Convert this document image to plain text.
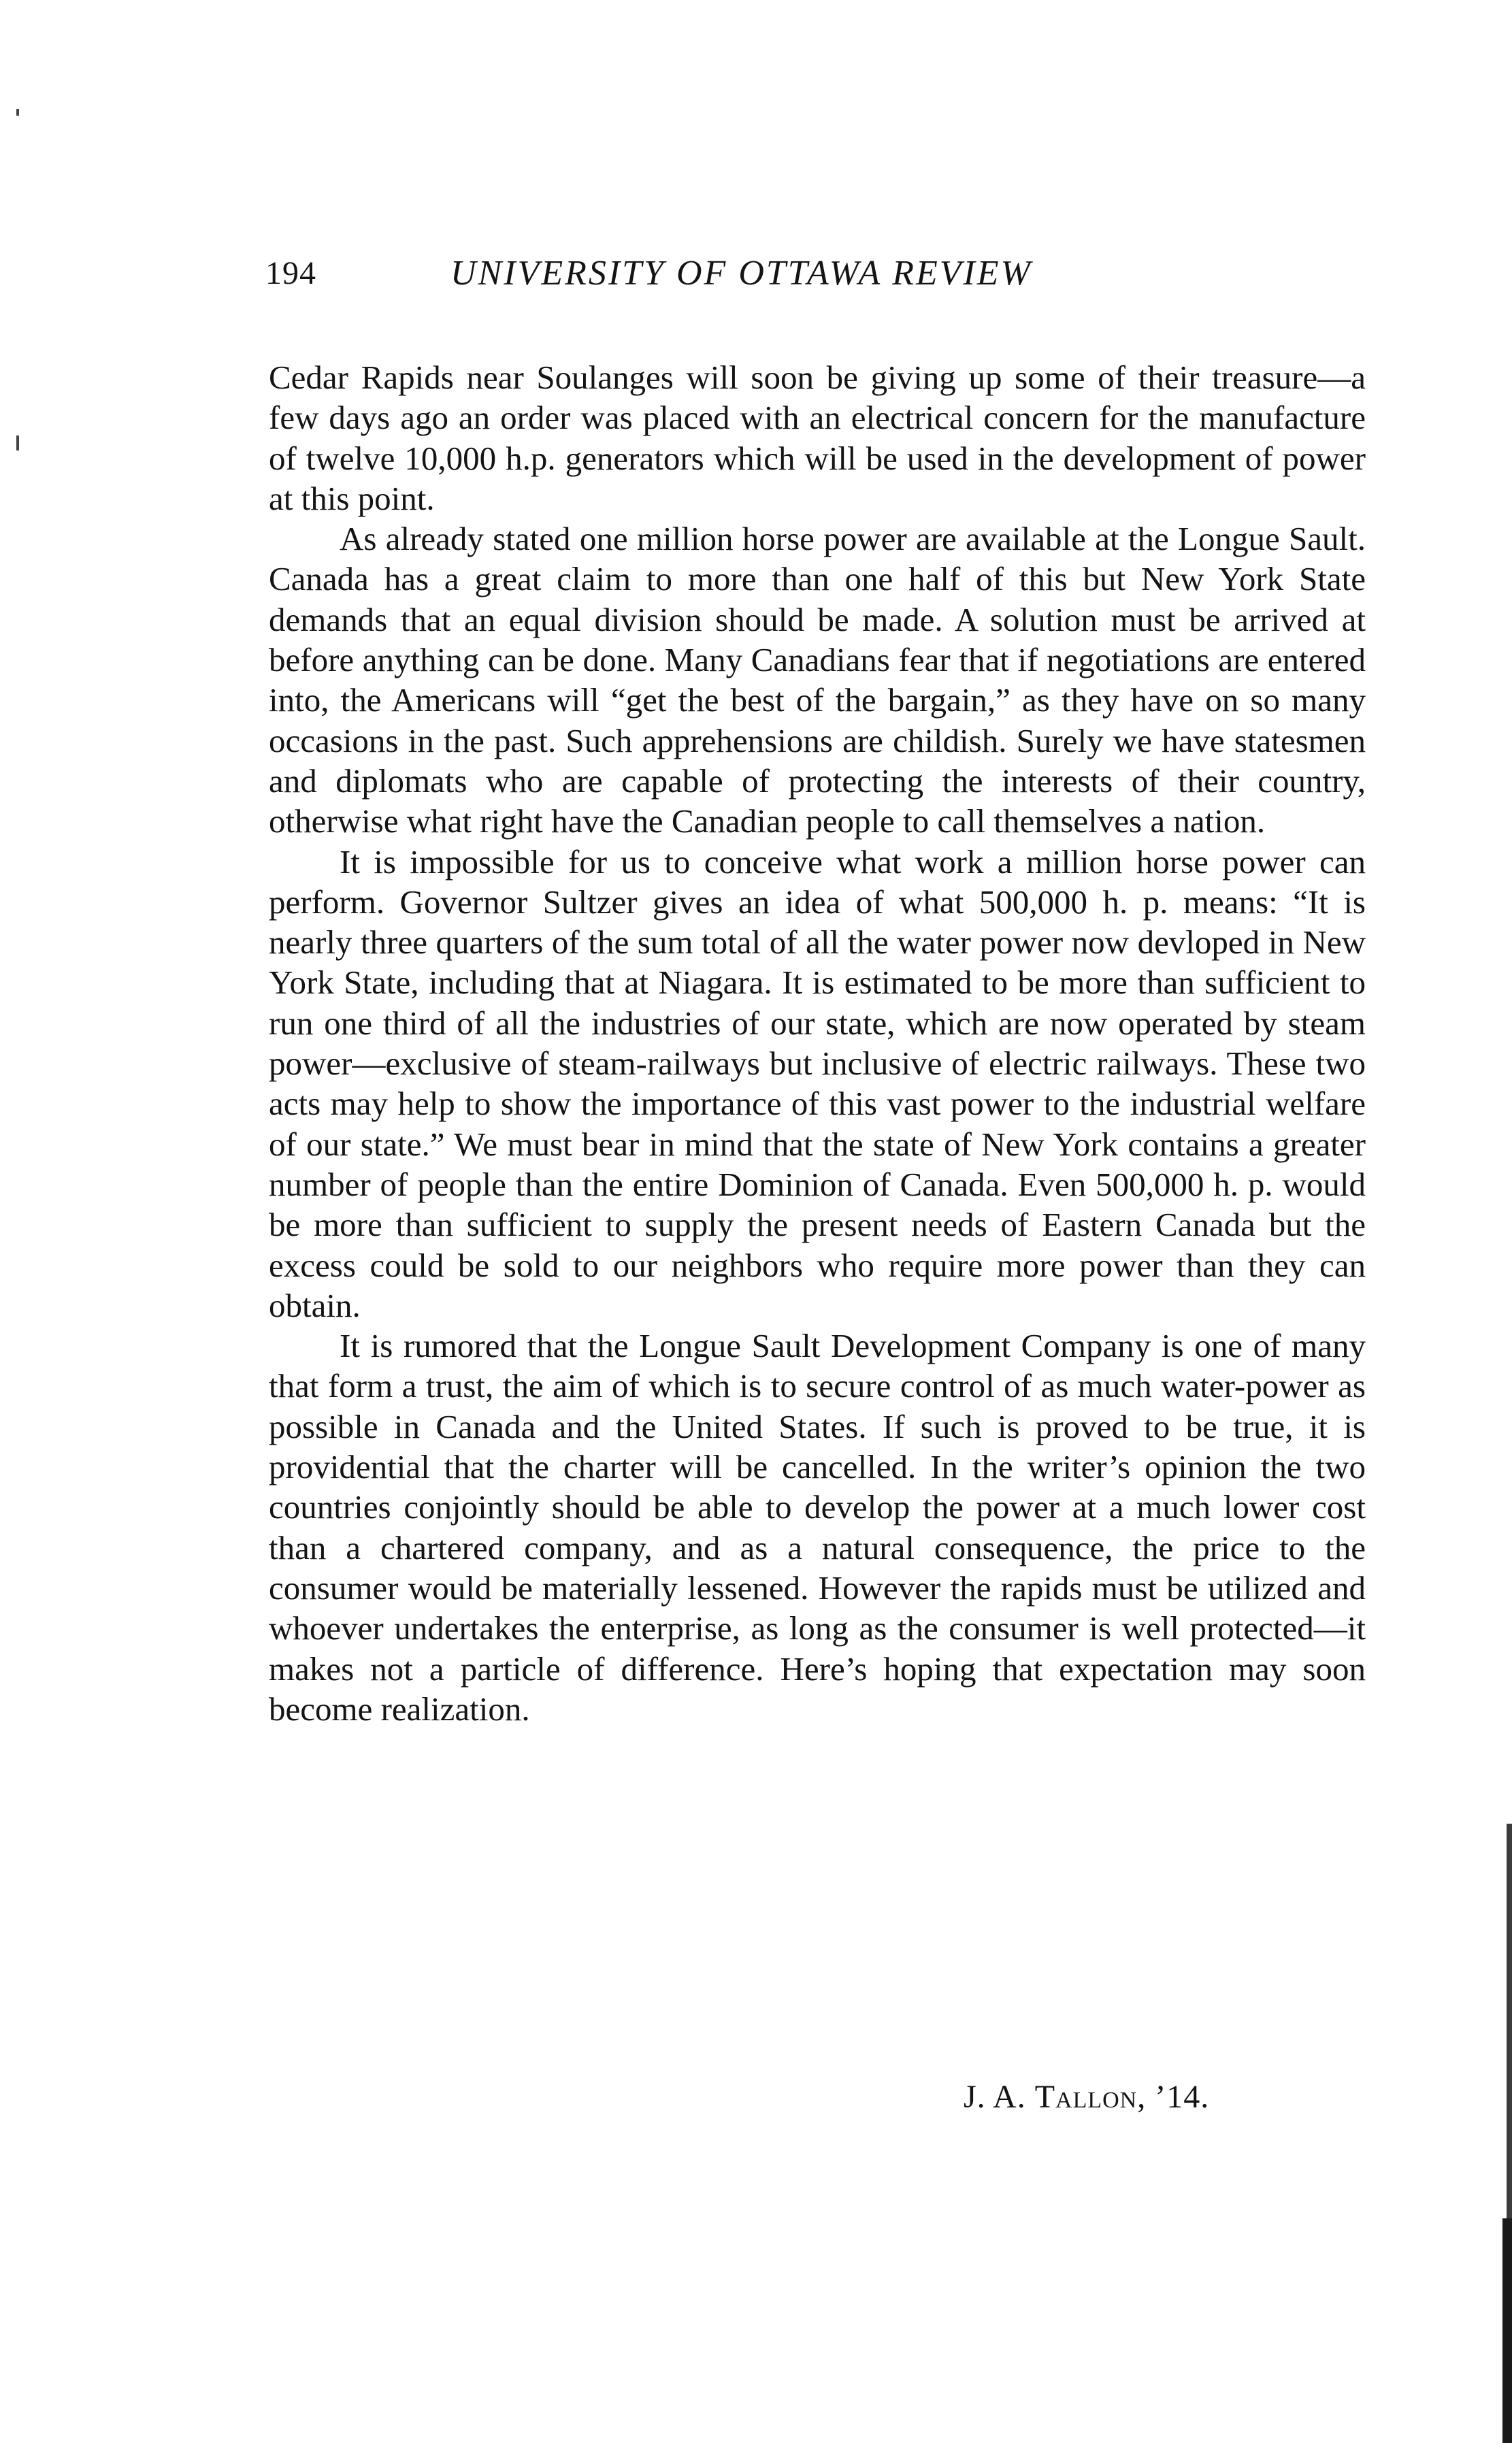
194	UNIVERSITY OF OTTAWA REVIEW

Cedar Rapids near Soulanges will soon be giving up some of their treasure—a few days ago an order was placed with an electrical concern for the manufacture of twelve 10,000 h.p. generators which will be used in the development of power at this point.

As already stated one million horse power are available at the Longue Sault. Canada has a great claim to more than one half of this but New York State demands that an equal division should be made. A solution must be arrived at before anything can be done. Many Canadians fear that if negotiations are entered into, the Americans will “get the best of the bargain,” as they have on so many occasions in the past. Such apprehensions are childish. Surely we have statesmen and diplomats who are capable of protecting the interests of their country, otherwise what right have the Canadian people to call themselves a nation.

It is impossible for us to conceive what work a million horse power can perform. Governor Sultzer gives an idea of what 500,000 h. p. means: “It is nearly three quarters of the sum total of all the water power now devloped in New York State, including that at Niagara. It is estimated to be more than sufficient to run one third of all the industries of our state, which are now operated by steam power—exclusive of steam-railways but inclusive of electric railways. These two acts may help to show the importance of this vast power to the industrial welfare of our state.” We must bear in mind that the state of New York contains a greater number of people than the entire Dominion of Canada. Even 500,000 h. p. would be more than sufficient to supply the present needs of Eastern Canada but the excess could be sold to our neighbors who require more power than they can obtain.

It is rumored that the Longue Sault Development Company is one of many that form a trust, the aim of which is to secure control of as much water-power as possible in Canada and the United States. If such is proved to be true, it is providential that the charter will be cancelled. In the writer’s opinion the two countries conjointly should be able to develop the power at a much lower cost than a chartered company, and as a natural consequence, the price to the consumer would be materially lessened. However the rapids must be utilized and whoever undertakes the enterprise, as long as the consumer is well protected—it makes not a particle of difference. Here’s hoping that expectation may soon become realization.

J. A. Tallon, ’14.
